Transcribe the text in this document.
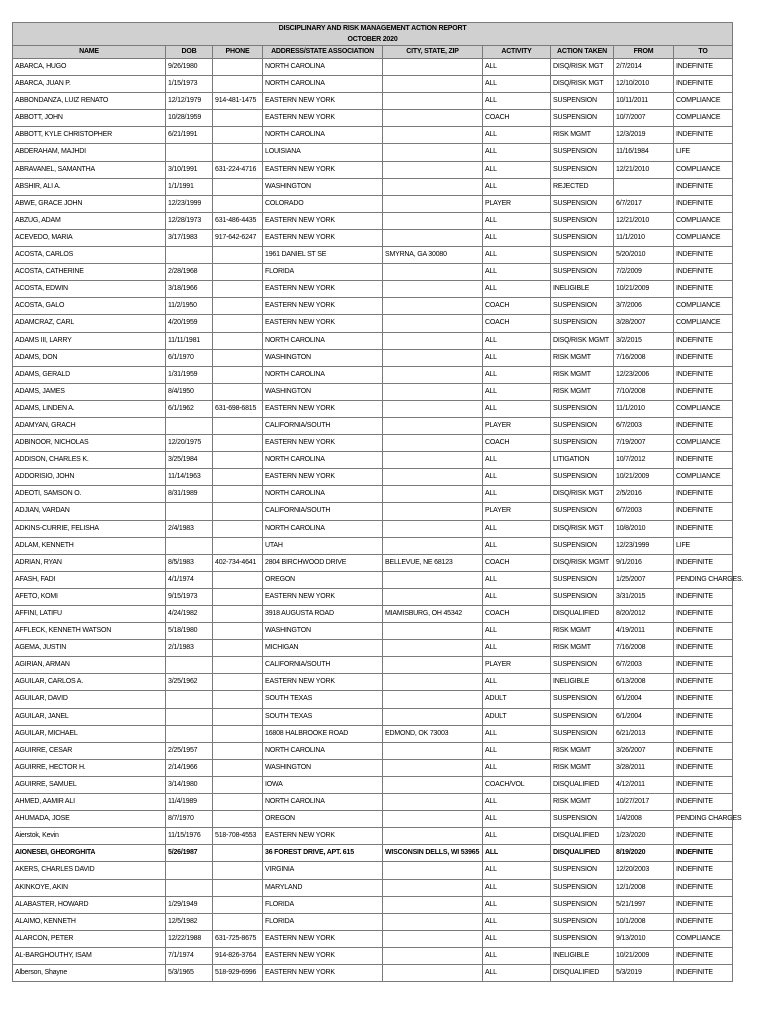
DISCIPLINARY AND RISK MANAGEMENT ACTION REPORT								
OCTOBER 2020								
NAME	DOB	PHONE	ADDRESS/STATE ASSOCIATION	CITY, STATE, ZIP	ACTIVITY	ACTION TAKEN	FROM	TO
ABARCA, HUGO	9/26/1980		NORTH CAROLINA		ALL	DISQ/RISK MGT	2/7/2014	INDEFINITE
ABARCA, JUAN P.	1/15/1973		NORTH CAROLINA		ALL	DISQ/RISK MGT	12/10/2010	INDEFINITE
ABBONDANZA, LUIZ RENATO	12/12/1979	914-481-1475	EASTERN NEW YORK		ALL	SUSPENSION	10/11/2011	COMPLIANCE
ABBOTT, JOHN	10/28/1959		EASTERN NEW YORK		COACH	SUSPENSION	10/7/2007	COMPLIANCE
ABBOTT, KYLE CHRISTOPHER	6/21/1991		NORTH CAROLINA		ALL	RISK MGMT	12/3/2019	INDEFINITE
ABDERAHAM, MAJHDI			LOUISIANA		ALL	SUSPENSION	11/16/1984	LIFE
ABRAVANEL, SAMANTHA	3/10/1991	631-224-4716	EASTERN NEW YORK		ALL	SUSPENSION	12/21/2010	COMPLIANCE
ABSHIR, ALI A.	1/1/1991		WASHINGTON		ALL	REJECTED		INDEFINITE
ABWE, GRACE JOHN	12/23/1999		COLORADO		PLAYER	SUSPENSION	6/7/2017	INDEFINITE
ABZUG, ADAM	12/28/1973	631-486-4435	EASTERN NEW YORK		ALL	SUSPENSION	12/21/2010	COMPLIANCE
ACEVEDO, MARIA	3/17/1983	917-642-6247	EASTERN NEW YORK		ALL	SUSPENSION	11/1/2010	COMPLIANCE
ACOSTA, CARLOS			1961 DANIEL ST SE	SMYRNA, GA 30080	ALL	SUSPENSION	5/20/2010	INDEFINITE
ACOSTA, CATHERINE	2/28/1968		FLORIDA		ALL	SUSPENSION	7/2/2009	INDEFINITE
ACOSTA, EDWIN	3/18/1966		EASTERN NEW YORK		ALL	INELIGIBLE	10/21/2009	INDEFINITE
ACOSTA, GALO	11/2/1950		EASTERN NEW YORK		COACH	SUSPENSION	3/7/2006	COMPLIANCE
ADAMCRAZ, CARL	4/20/1959		EASTERN NEW YORK		COACH	SUSPENSION	3/28/2007	COMPLIANCE
ADAMS III, LARRY	11/11/1981		NORTH CAROLINA		ALL	DISQ/RISK MGMT	3/2/2015	INDEFINITE
ADAMS, DON	6/1/1970		WASHINGTON		ALL	RISK MGMT	7/16/2008	INDEFINITE
ADAMS, GERALD	1/31/1959		NORTH CAROLINA		ALL	RISK MGMT	12/23/2006	INDEFINITE
ADAMS, JAMES	8/4/1950		WASHINGTON		ALL	RISK MGMT	7/10/2008	INDEFINITE
ADAMS, LINDEN A.	6/1/1962	631-698-6815	EASTERN NEW YORK		ALL	SUSPENSION	11/1/2010	COMPLIANCE
ADAMYAN, GRACH			CALIFORNIA/SOUTH		PLAYER	SUSPENSION	6/7/2003	INDEFINITE
ADBINOOR, NICHOLAS	12/20/1975		EASTERN NEW YORK		COACH	SUSPENSION	7/19/2007	COMPLIANCE
ADDISON, CHARLES K.	3/25/1984		NORTH CAROLINA		ALL	LITIGATION	10/7/2012	INDEFINITE
ADDORISIO, JOHN	11/14/1963		EASTERN NEW YORK		ALL	SUSPENSION	10/21/2009	COMPLIANCE
ADEOTI, SAMSON O.	8/31/1989		NORTH CAROLINA		ALL	DISQ/RISK MGT	2/5/2016	INDEFINITE
ADJIAN, VARDAN			CALIFORNIA/SOUTH		PLAYER	SUSPENSION	6/7/2003	INDEFINITE
ADKINS-CURRIE, FELISHA	2/4/1983		NORTH CAROLINA		ALL	DISQ/RISK MGT	10/8/2010	INDEFINITE
ADLAM, KENNETH			UTAH		ALL	SUSPENSION	12/23/1999	LIFE
ADRIAN, RYAN	8/5/1983	402-734-4641	2804 BIRCHWOOD DRIVE	BELLEVUE, NE 68123	COACH	DISQ/RISK MGMT	9/1/2016	INDEFINITE
AFASH, FADI	4/1/1974		OREGON		ALL	SUSPENSION	1/25/2007	PENDING CHARGES.
AFETO, KOMI	9/15/1973		EASTERN NEW YORK		ALL	SUSPENSION	3/31/2015	INDEFINITE
AFFINI, LATIFU	4/24/1982		3918 AUGUSTA ROAD	MIAMISBURG, OH 45342	COACH	DISQUALIFIED	8/20/2012	INDEFINITE
AFFLECK, KENNETH WATSON	5/18/1980		WASHINGTON		ALL	RISK MGMT	4/19/2011	INDEFINITE
AGEMA, JUSTIN	2/1/1983		MICHIGAN		ALL	RISK MGMT	7/16/2008	INDEFINITE
AGIRIAN, ARMAN			CALIFORNIA/SOUTH		PLAYER	SUSPENSION	6/7/2003	INDEFINITE
AGUILAR, CARLOS A.	3/25/1962		EASTERN NEW YORK		ALL	INELIGIBLE	6/13/2008	INDEFINITE
AGUILAR, DAVID			SOUTH TEXAS		ADULT	SUSPENSION	6/1/2004	INDEFINITE
AGUILAR, JANEL			SOUTH TEXAS		ADULT	SUSPENSION	6/1/2004	INDEFINITE
AGUILAR, MICHAEL			16808 HALBROOKE ROAD	EDMOND, OK 73003	ALL	SUSPENSION	6/21/2013	INDEFINITE
AGUIRRE, CESAR	2/25/1957		NORTH CAROLINA		ALL	RISK MGMT	3/26/2007	INDEFINITE
AGUIRRE, HECTOR H.	2/14/1966		WASHINGTON		ALL	RISK MGMT	3/28/2011	INDEFINITE
AGUIRRE, SAMUEL	3/14/1980		IOWA		COACH/VOL	DISQUALIFIED	4/12/2011	INDEFINITE
AHMED, AAMIR ALI	11/4/1989		NORTH CAROLINA		ALL	RISK MGMT	10/27/2017	INDEFINITE
AHUMADA, JOSE	8/7/1970		OREGON		ALL	SUSPENSION	1/4/2008	PENDING CHARGES
Aierstok, Kevin	11/15/1976	518-708-4553	EASTERN NEW YORK		ALL	DISQUALIFIED	1/23/2020	INDEFINITE
AIONESEI, GHEORGHITA	5/26/1987		36 FOREST DRIVE, APT. 615	WISCONSIN DELLS, WI 53965	ALL	DISQUALIFIED	8/19/2020	INDEFINITE
AKERS, CHARLES DAVID			VIRGINIA		ALL	SUSPENSION	12/20/2003	INDEFINITE
AKINKOYE, AKIN			MARYLAND		ALL	SUSPENSION	12/1/2008	INDEFINITE
ALABASTER, HOWARD	1/29/1949		FLORIDA		ALL	SUSPENSION	5/21/1997	INDEFINITE
ALAIMO, KENNETH	12/5/1982		FLORIDA		ALL	SUSPENSION	10/1/2008	INDEFINITE
ALARCON, PETER	12/22/1988	631-725-8675	EASTERN NEW YORK		ALL	SUSPENSION	9/13/2010	COMPLIANCE
AL-BARGHOUTHY, ISAM	7/1/1974	914-826-3764	EASTERN NEW YORK		ALL	INELIGIBLE	10/21/2009	INDEFINITE
Alberson, Shayne	5/3/1965	518-929-6996	EASTERN NEW YORK		ALL	DISQUALIFIED	5/3/2019	INDEFINITE
